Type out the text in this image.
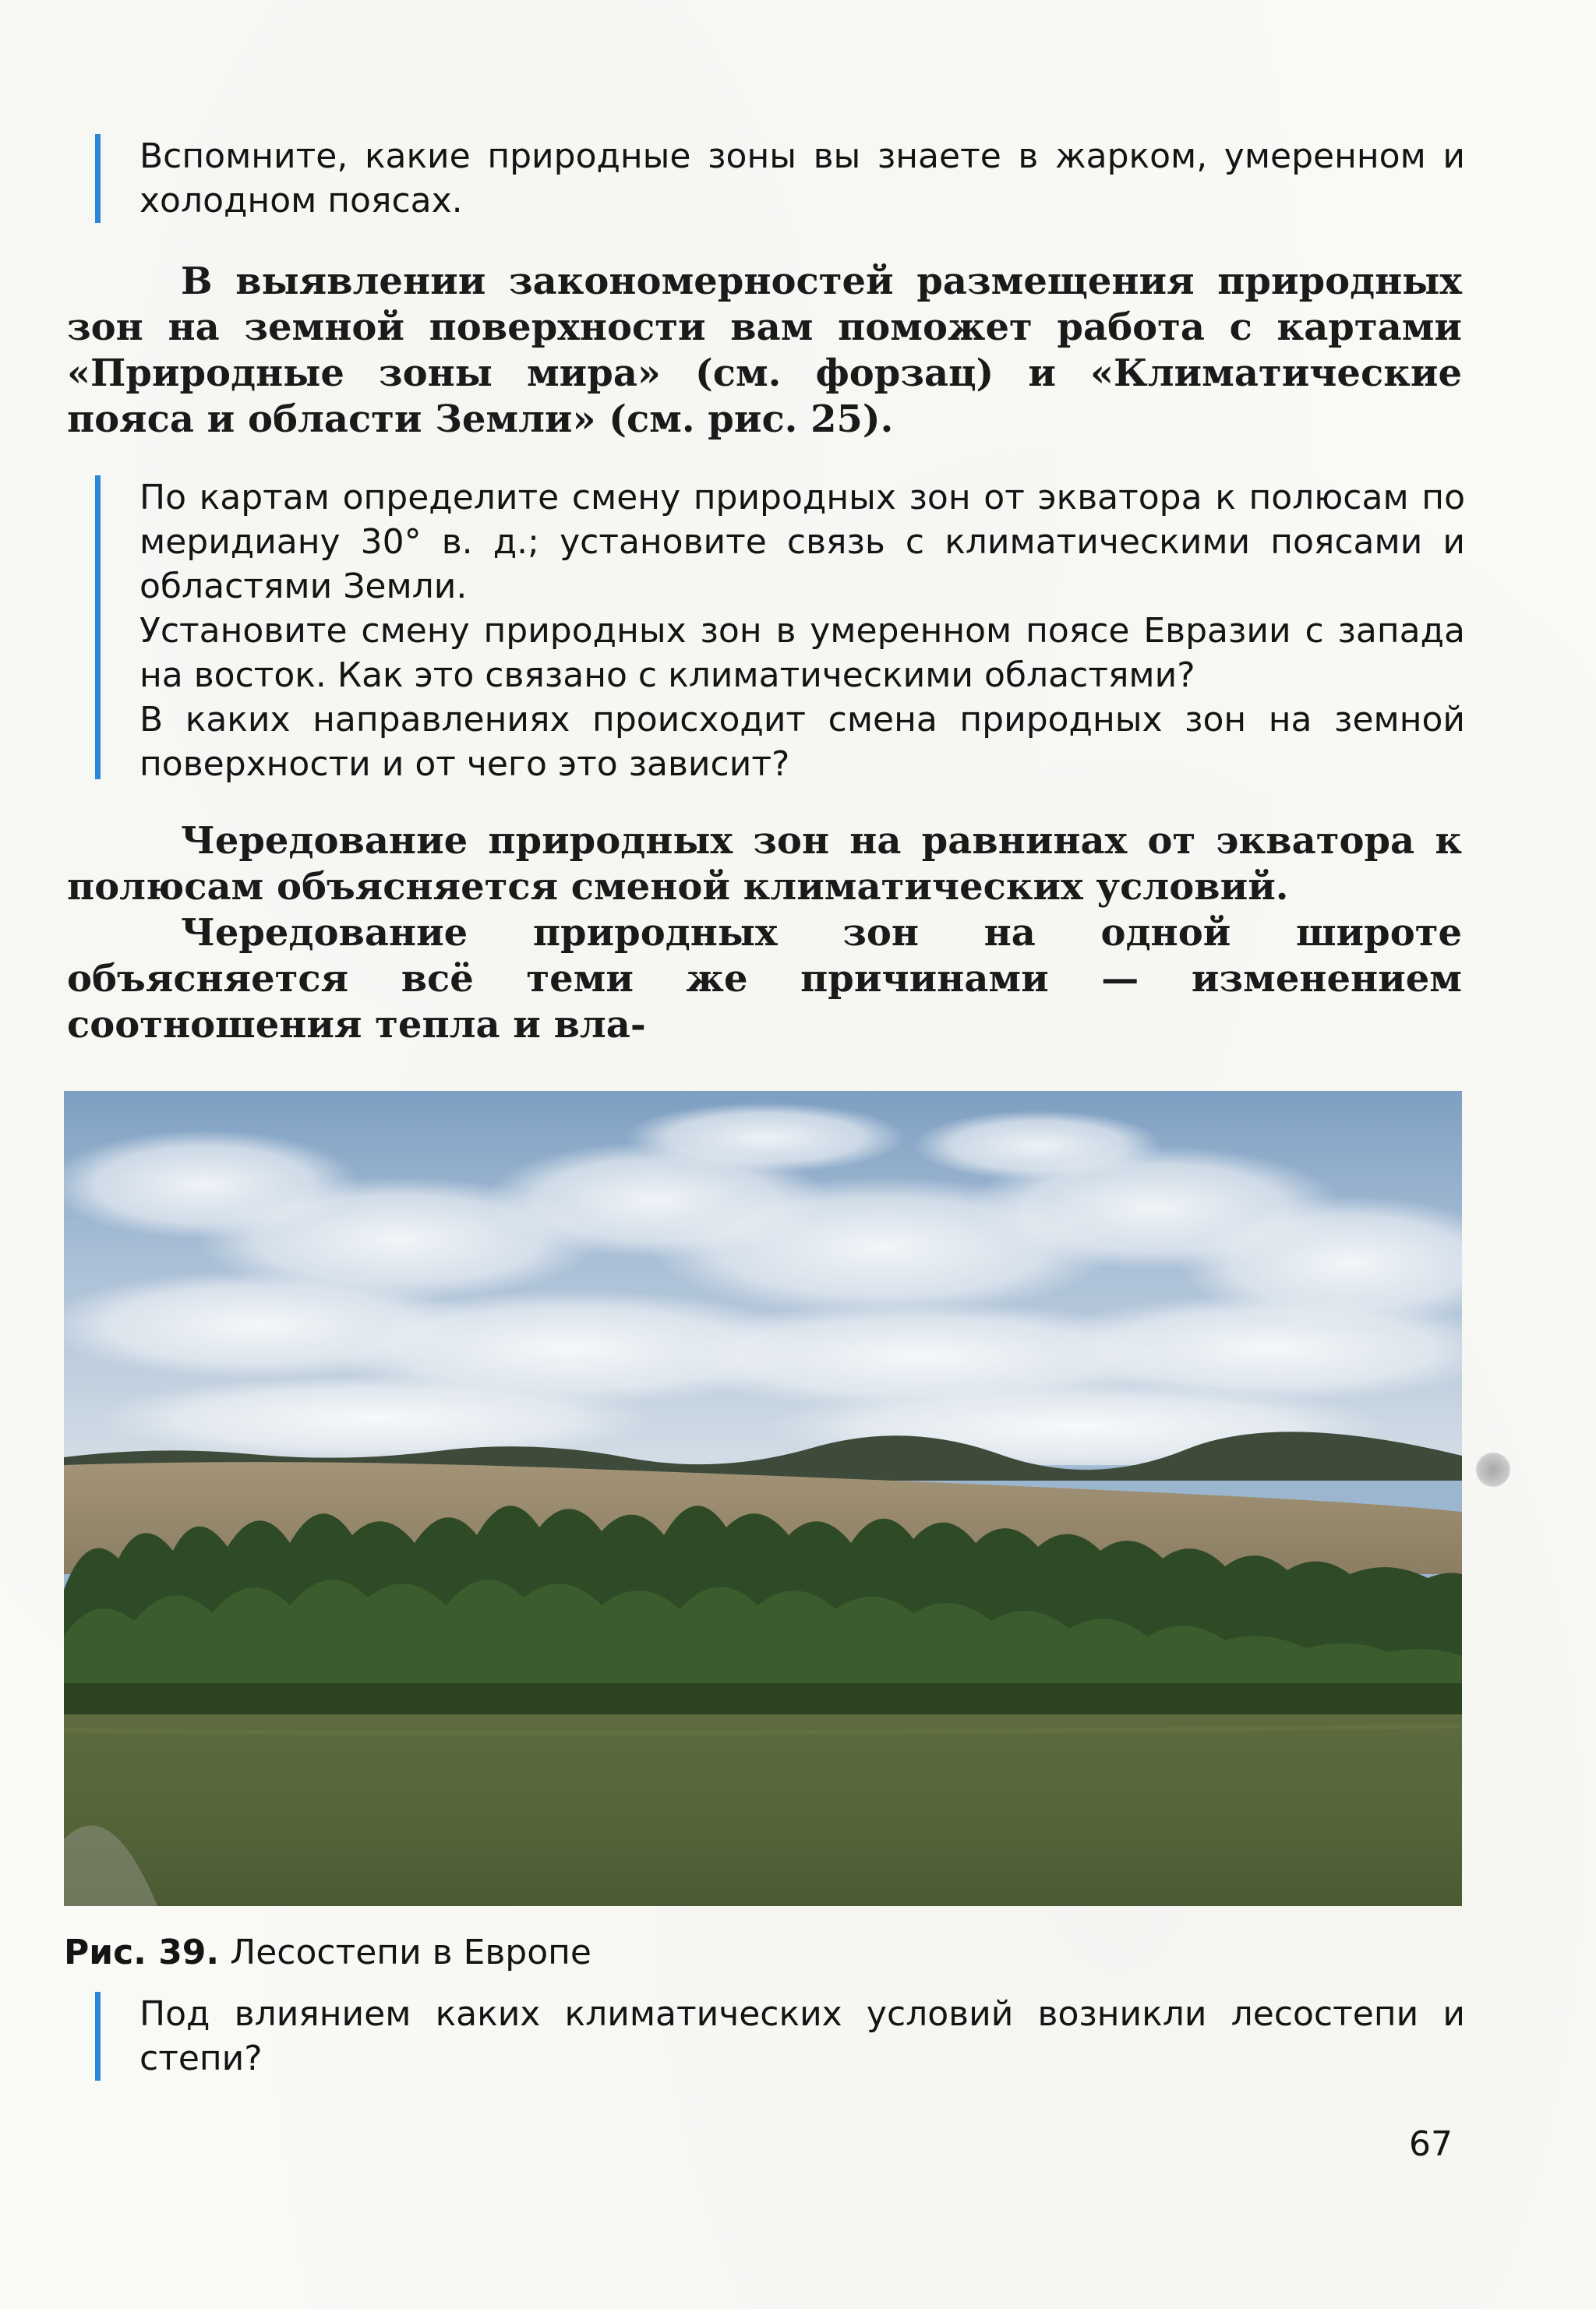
Вспомните, какие природные зоны вы знаете в жарком, умеренном и холодном поясах.

В выявлении закономерностей размещения природных зон на земной поверхности вам поможет работа с картами «Природные зоны мира» (см. форзац) и «Климатические пояса и области Земли» (см. рис. 25).

По картам определите смену природных зон от экватора к полюсам по меридиану 30° в. д.; установите связь с климатическими поясами и областями Земли.

Установите смену природных зон в умеренном поясе Евразии с запада на восток. Как это связано с климатическими областями?

В каких направлениях происходит смена природных зон на земной поверхности и от чего это зависит?

Чередование природных зон на равнинах от экватора к полюсам объясняется сменой климатических условий.

Чередование природных зон на одной широте объясняется всё теми же причинами — изменением соотношения тепла и вла-

Рис. 39. Лесостепи в Европе

Под влиянием каких климатических условий возникли лесостепи и степи?

67
